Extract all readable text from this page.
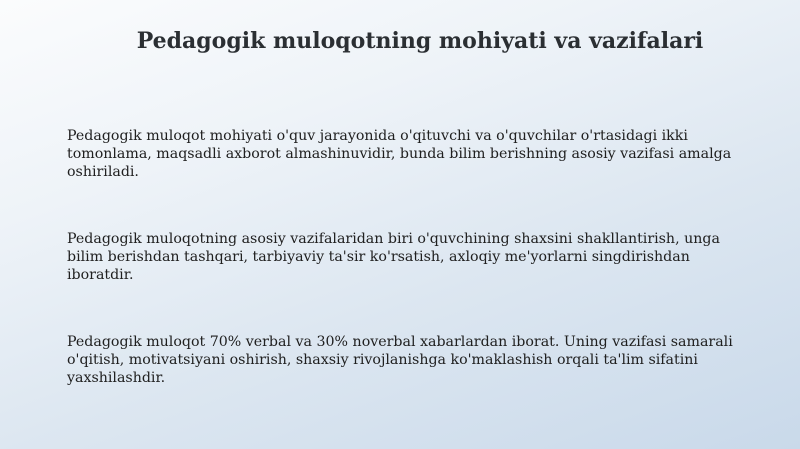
Pedagogik muloqotning mohiyati va vazifalari

Pedagogik muloqot mohiyati o'quv jarayonida o'qituvchi va o'quvchilar o'rtasidagi ikki tomonlama, maqsadli axborot almashinuvidir, bunda bilim berishning asosiy vazifasi amalga oshiriladi.

Pedagogik muloqotning asosiy vazifalaridan biri o'quvchining shaxsini shakllantirish, unga bilim berishdan tashqari, tarbiyaviy ta'sir ko'rsatish, axloqiy me'yorlarni singdirishdan iboratdir.

Pedagogik muloqot 70% verbal va 30% noverbal xabarlardan iborat. Uning vazifasi samarali o'qitish, motivatsiyani oshirish, shaxsiy rivojlanishga ko'maklashish orqali ta'lim sifatini yaxshilashdir.
